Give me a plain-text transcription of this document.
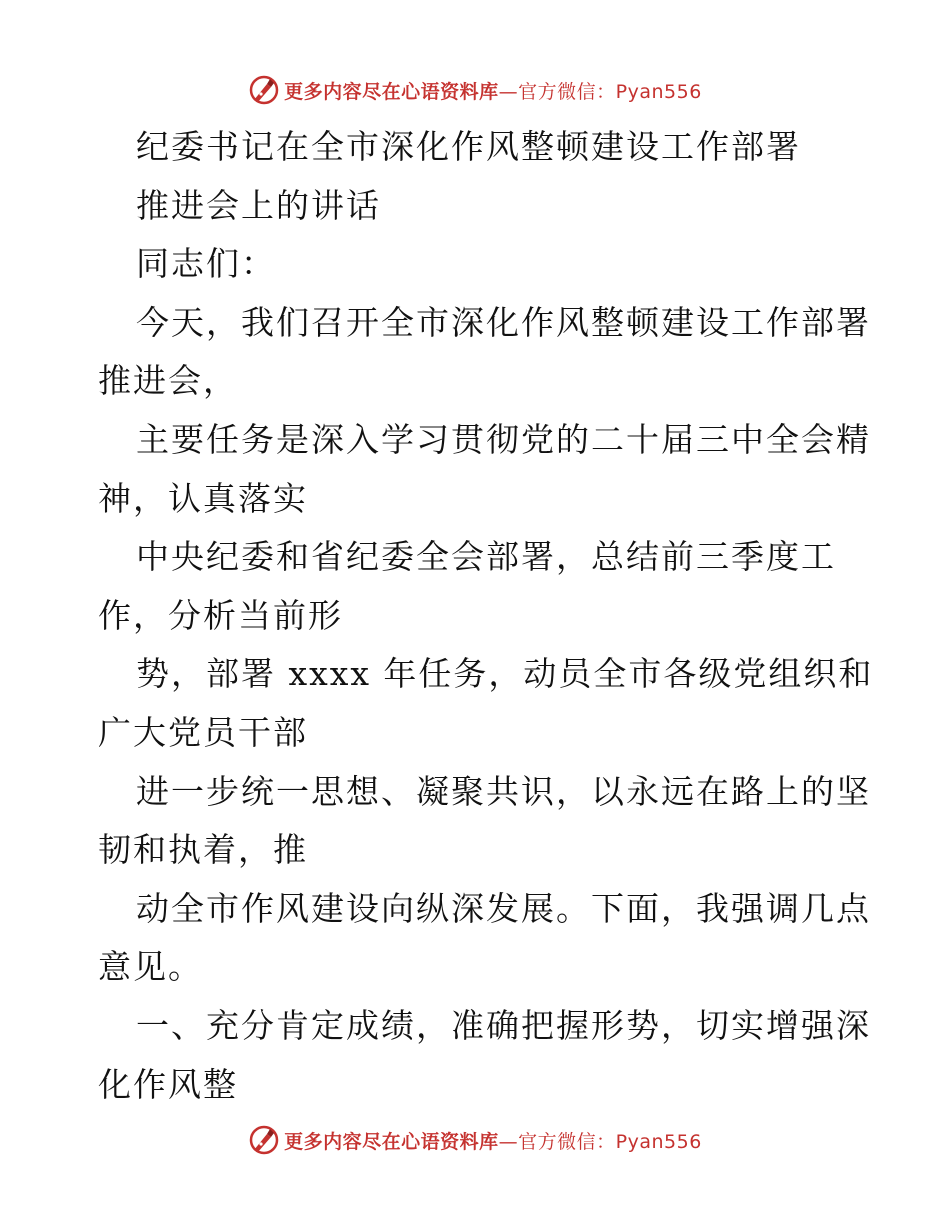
更多内容尽在心语资料库—官方微信：Pyan556
纪委书记在全市深化作风整顿建设工作部署
推进会上的讲话
同志们：
今天，我们召开全市深化作风整顿建设工作部署
推进会，
主要任务是深入学习贯彻党的二十届三中全会精
神，认真落实
中央纪委和省纪委全会部署，总结前三季度工
作，分析当前形
势，部署 xxxx 年任务，动员全市各级党组织和
广大党员干部
进一步统一思想、凝聚共识，以永远在路上的坚
韧和执着，推
动全市作风建设向纵深发展。下面，我强调几点
意见。
一、充分肯定成绩，准确把握形势，切实增强深
化作风整
更多内容尽在心语资料库—官方微信：Pyan556
